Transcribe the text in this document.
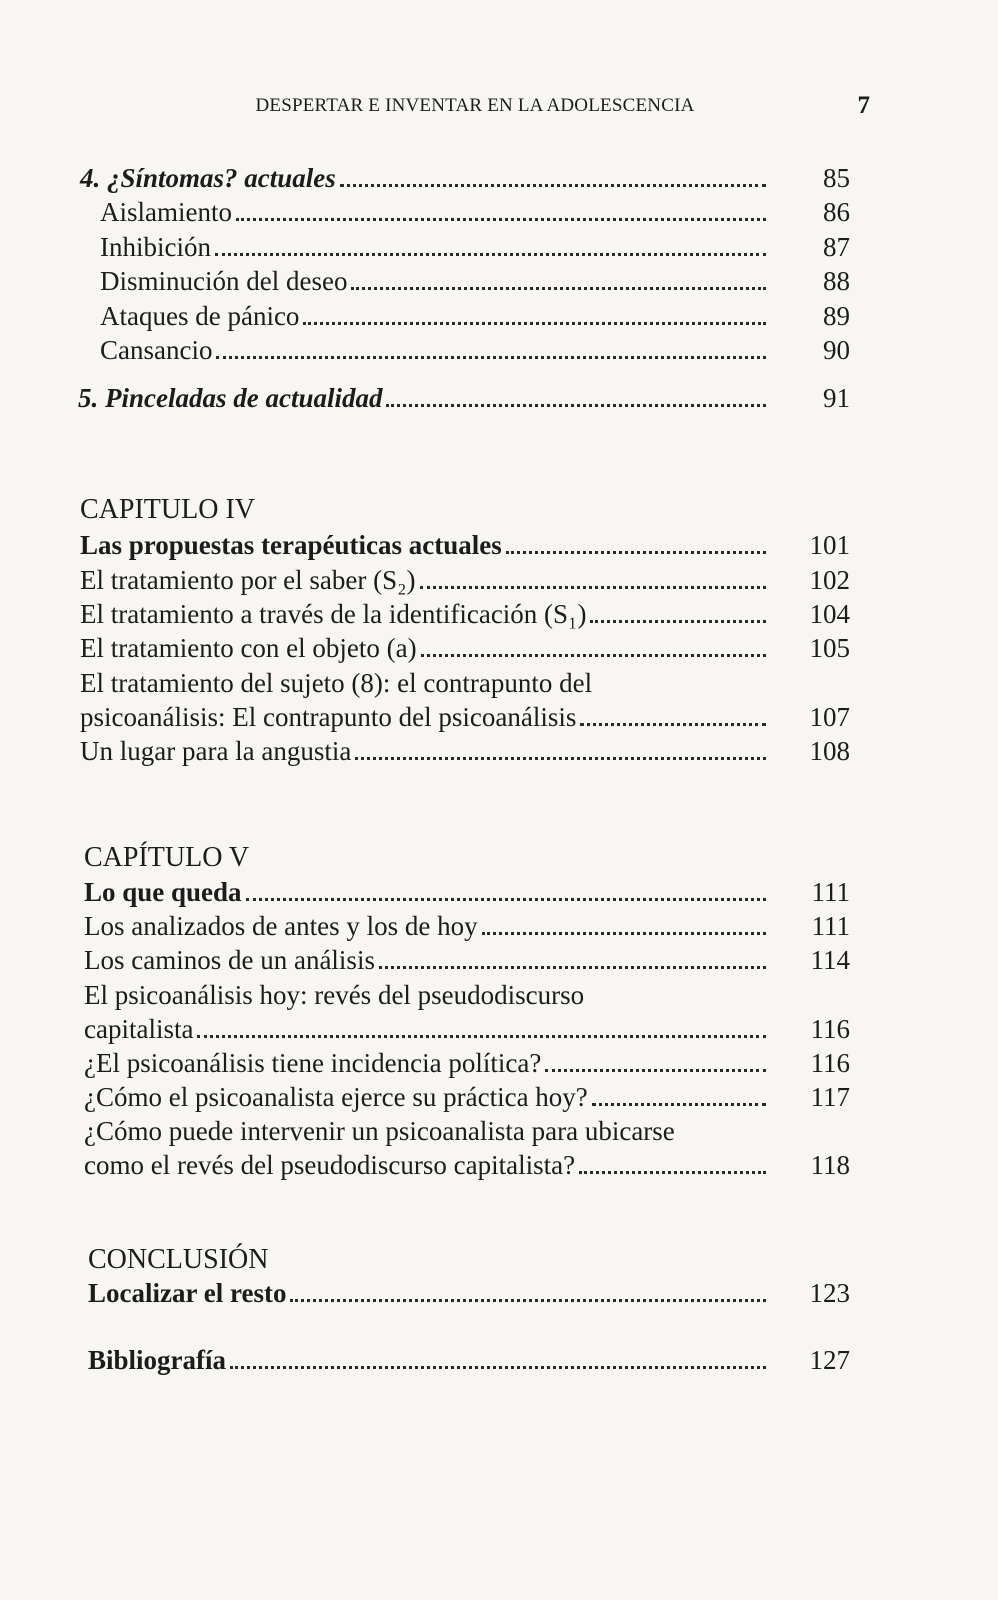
DESPERTAR E INVENTAR EN LA ADOLESCENCIA	7
4. ¿Síntomas? actuales	85
Aislamiento	86
Inhibición	87
Disminución del deseo	88
Ataques de pánico	89
Cansancio	90
5. Pinceladas de actualidad	91
CAPITULO IV
Las propuestas terapéuticas actuales	101
El tratamiento por el saber (S₂)	102
El tratamiento a través de la identificación (S₁)	104
El tratamiento con el objeto (a)	105
El tratamiento del sujeto (8): el contrapunto del
psicoanálisis: El contrapunto del psicoanálisis	107
Un lugar para la angustia	108
CAPÍTULO V
Lo que queda	111
Los analizados de antes y los de hoy	111
Los caminos de un análisis	114
El psicoanálisis hoy: revés del pseudodiscurso
capitalista	116
¿El psicoanálisis tiene incidencia política?	116
¿Cómo el psicoanalista ejerce su práctica hoy?	117
¿Cómo puede intervenir un psicoanalista para ubicarse
como el revés del pseudodiscurso capitalista?	118
CONCLUSIÓN
Localizar el resto	123
Bibliografía	127
